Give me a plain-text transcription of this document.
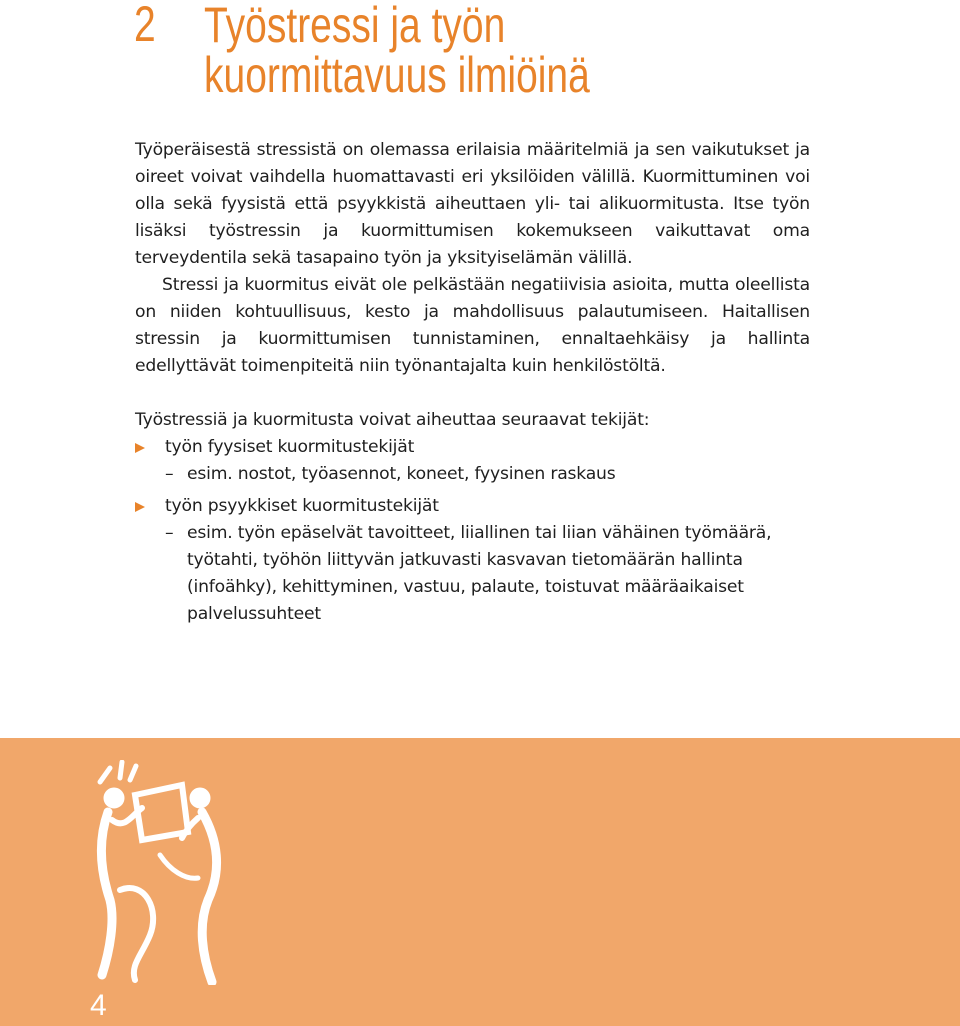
2 Työstressi ja työn
kuormittavuus ilmiöinä

Työperäisestä stressistä on olemassa erilaisia määritelmiä ja sen vaikutukset ja oireet voivat vaihdella huomattavasti eri yksilöiden välillä. Kuormittuminen voi olla sekä fyysistä että psyykkistä aiheuttaen yli- tai alikuormitusta. Itse työn lisäksi työstressin ja kuormittumisen kokemukseen vaikuttavat oma terveydentila sekä tasapaino työn ja yksityiselämän välillä.

Stressi ja kuormitus eivät ole pelkästään negatiivisia asioita, mutta oleellista on niiden kohtuullisuus, kesto ja mahdollisuus palautumiseen. Haitallisen stressin ja kuormittumisen tunnistaminen, ennaltaehkäisy ja hallinta edellyttävät toimenpiteitä niin työnantajalta kuin henkilöstöltä.

Työstressiä ja kuormitusta voivat aiheuttaa seuraavat tekijät:

työn fyysiset kuormitustekijät
– esim. nostot, työasennot, koneet, fyysinen raskaus
työn psyykkiset kuormitustekijät
– esim. työn epäselvät tavoitteet, liiallinen tai liian vähäinen työmäärä, työtahti, työhön liittyvän jatkuvasti kasvavan tietomäärän hallinta (infoähky), kehittyminen, vastuu, palaute, toistuvat määräaikaiset palvelussuhteet
4
